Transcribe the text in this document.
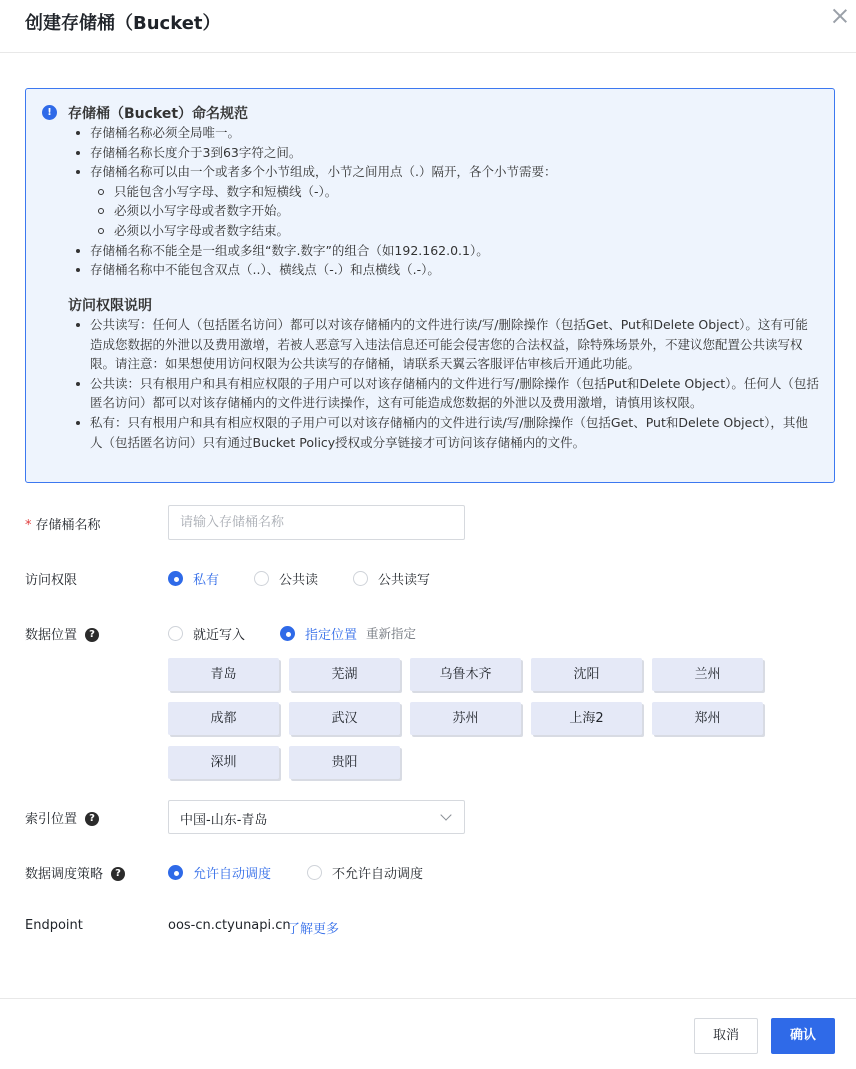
创建存储桶（Bucket）
!	存储桶（Bucket）命名规范
存储桶名称必须全局唯一。
存储桶名称长度介于3到63字符之间。
存储桶名称可以由一个或者多个小节组成，小节之间用点（.）隔开，各个小节需要：
只能包含小写字母、数字和短横线（-）。
必须以小写字母或者数字开始。
必须以小写字母或者数字结束。
存储桶名称不能全是一组或多组“数字.数字”的组合（如192.162.0.1）。
存储桶名称中不能包含双点（..）、横线点（-.）和点横线（.-）。
访问权限说明
公共读写：任何人（包括匿名访问）都可以对该存储桶内的文件进行读/写/删除操作（包括Get、Put和Delete Object）。这有可能造成您数据的外泄以及费用激增，若被人恶意写入违法信息还可能会侵害您的合法权益，除特殊场景外，不建议您配置公共读写权限。请注意：如果想使用访问权限为公共读写的存储桶，请联系天翼云客服评估审核后开通此功能。
公共读：只有根用户和具有相应权限的子用户可以对该存储桶内的文件进行写/删除操作（包括Put和Delete Object）。任何人（包括匿名访问）都可以对该存储桶内的文件进行读操作，这有可能造成您数据的外泄以及费用激增，请慎用该权限。
私有：只有根用户和具有相应权限的子用户可以对该存储桶内的文件进行读/写/删除操作（包括Get、Put和Delete Object），其他人（包括匿名访问）只有通过Bucket Policy授权或分享链接才可访问该存储桶内的文件。
* 存储桶名称
请输入存储桶名称
访问权限	私有	公共读	公共读写
数据位置 ?	就近写入	指定位置 重新指定
青岛	芜湖	乌鲁木齐	沈阳	兰州
成都	武汉	苏州	上海2	郑州
深圳	贵阳
索引位置 ?	中国-山东-青岛
数据调度策略 ?	允许自动调度	不允许自动调度
Endpoint	oos-cn.ctyunapi.cn
了解更多
取消	确认
